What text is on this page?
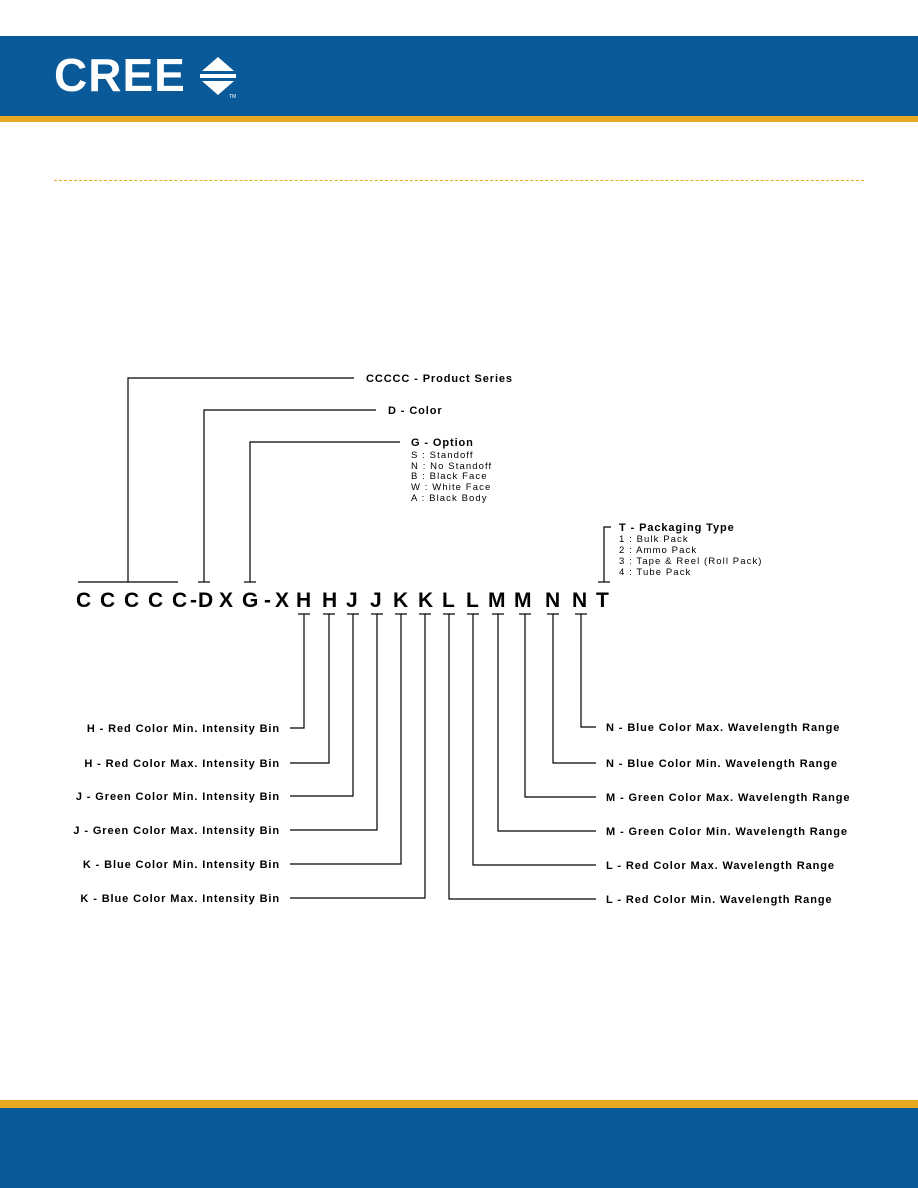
CREE	TM
CCCCC - Product Series
D - Color
G - Option
S : Standoff
N : No Standoff
B : Black Face
W : White Face
A : Black Body
T - Packaging Type
1 : Bulk Pack
2 : Ammo Pack
3 : Tape & Reel (Roll Pack)
4 : Tube Pack
C C C C C - D X G - X H H J J K K L L M M N N T
H - Red Color Min. Intensity Bin
H - Red Color Max. Intensity Bin
J - Green Color Min. Intensity Bin
J - Green Color Max. Intensity Bin
K - Blue Color Min. Intensity Bin
K - Blue Color Max. Intensity Bin
N - Blue Color Max. Wavelength Range
N - Blue Color Min. Wavelength Range
M - Green Color Max. Wavelength Range
M - Green Color Min. Wavelength Range
L - Red Color Max. Wavelength Range
L - Red Color Min. Wavelength Range
